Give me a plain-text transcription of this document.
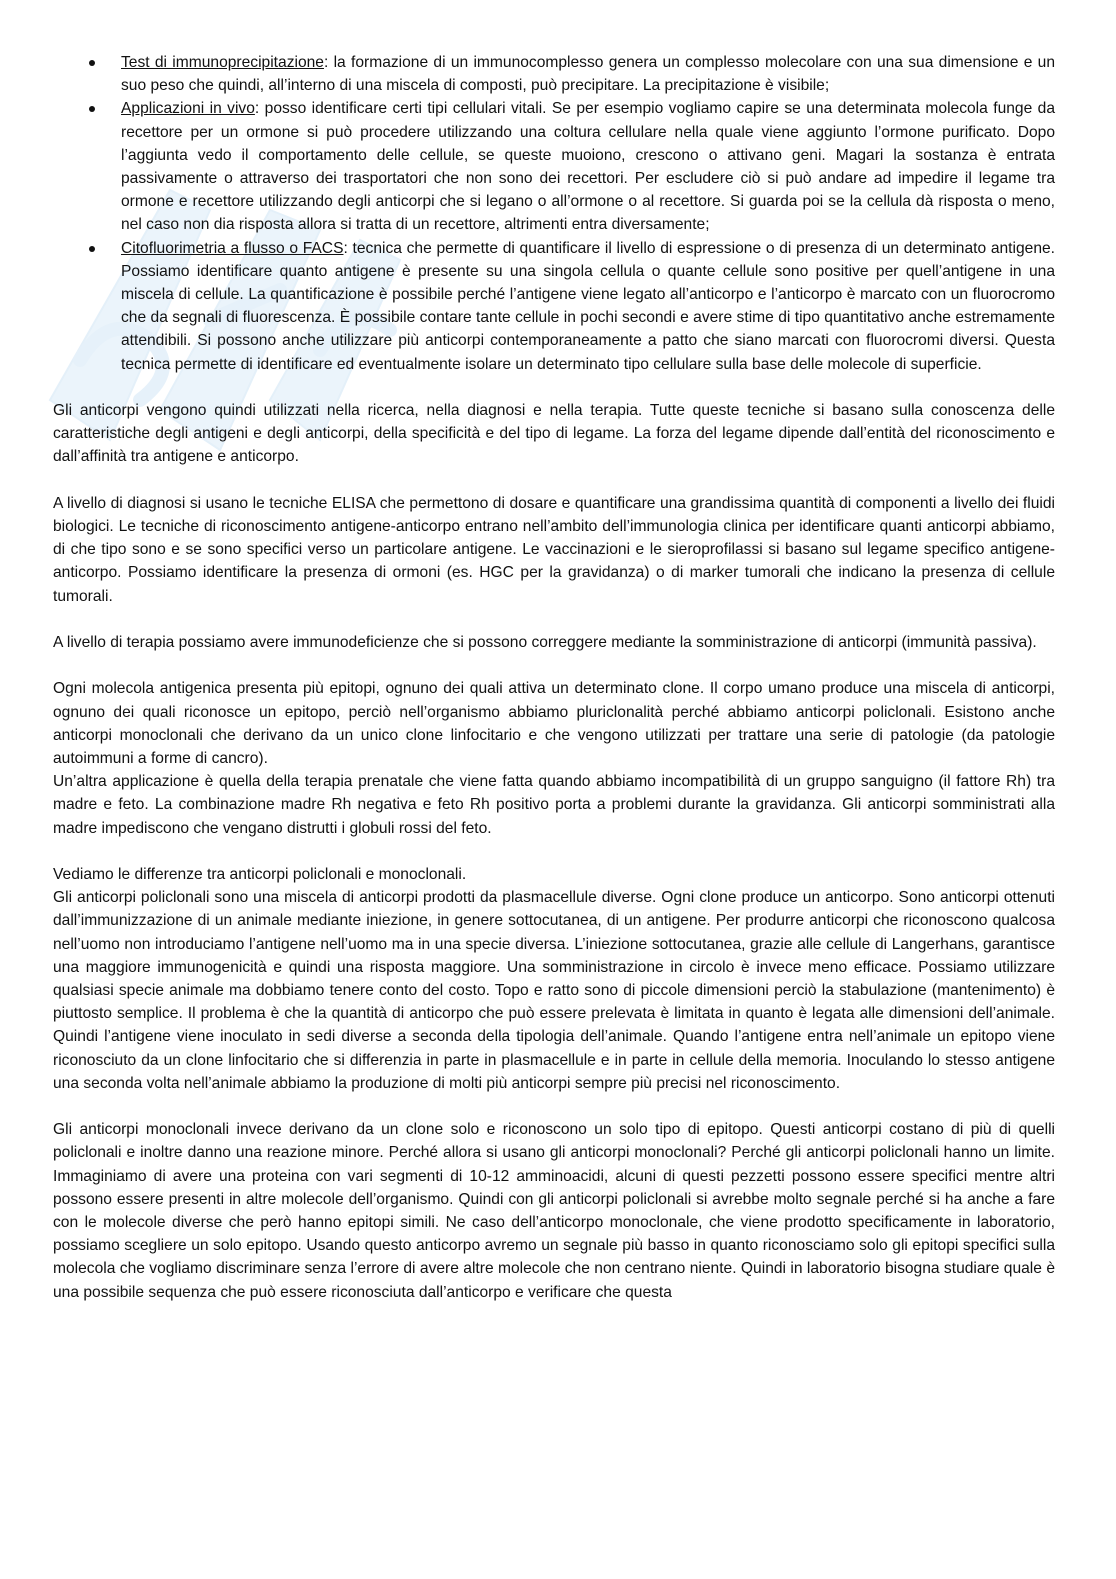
Test di immunoprecipitazione: la formazione di un immunocomplesso genera un complesso molecolare con una sua dimensione e un suo peso che quindi, all’interno di una miscela di composti, può precipitare. La precipitazione è visibile;
Applicazioni in vivo: posso identificare certi tipi cellulari vitali. Se per esempio vogliamo capire se una determinata molecola funge da recettore per un ormone si può procedere utilizzando una coltura cellulare nella quale viene aggiunto l’ormone purificato. Dopo l’aggiunta vedo il comportamento delle cellule, se queste muoiono, crescono o attivano geni. Magari la sostanza è entrata passivamente o attraverso dei trasportatori che non sono dei recettori. Per escludere ciò si può andare ad impedire il legame tra ormone e recettore utilizzando degli anticorpi che si legano o all’ormone o al recettore. Si guarda poi se la cellula dà risposta o meno, nel caso non dia risposta allora si tratta di un recettore, altrimenti entra diversamente;
Citofluorimetria a flusso o FACS: tecnica che permette di quantificare il livello di espressione o di presenza di un determinato antigene. Possiamo identificare quanto antigene è presente su una singola cellula o quante cellule sono positive per quell’antigene in una miscela di cellule. La quantificazione è possibile perché l’antigene viene legato all’anticorpo e l’anticorpo è marcato con un fluorocromo che da segnali di fluorescenza. È possibile contare tante cellule in pochi secondi e avere stime di tipo quantitativo anche estremamente attendibili. Si possono anche utilizzare più anticorpi contemporaneamente a patto che siano marcati con fluorocromi diversi. Questa tecnica permette di identificare ed eventualmente isolare un determinato tipo cellulare sulla base delle molecole di superficie.

Gli anticorpi vengono quindi utilizzati nella ricerca, nella diagnosi e nella terapia. Tutte queste tecniche si basano sulla conoscenza delle caratteristiche degli antigeni e degli anticorpi, della specificità e del tipo di legame. La forza del legame dipende dall’entità del riconoscimento e dall’affinità tra antigene e anticorpo.

A livello di diagnosi si usano le tecniche ELISA che permettono di dosare e quantificare una grandissima quantità di componenti a livello dei fluidi biologici. Le tecniche di riconoscimento antigene-anticorpo entrano nell’ambito dell’immunologia clinica per identificare quanti anticorpi abbiamo, di che tipo sono e se sono specifici verso un particolare antigene. Le vaccinazioni e le sieroprofilassi si basano sul legame specifico antigene-anticorpo. Possiamo identificare la presenza di ormoni (es. HGC per la gravidanza) o di marker tumorali che indicano la presenza di cellule tumorali.

A livello di terapia possiamo avere immunodeficienze che si possono correggere mediante la somministrazione di anticorpi (immunità passiva).

Ogni molecola antigenica presenta più epitopi, ognuno dei quali attiva un determinato clone. Il corpo umano produce una miscela di anticorpi, ognuno dei quali riconosce un epitopo, perciò nell’organismo abbiamo pluriclonalità perché abbiamo anticorpi policlonali. Esistono anche anticorpi monoclonali che derivano da un unico clone linfocitario e che vengono utilizzati per trattare una serie di patologie (da patologie autoimmuni a forme di cancro).

Un’altra applicazione è quella della terapia prenatale che viene fatta quando abbiamo incompatibilità di un gruppo sanguigno (il fattore Rh) tra madre e feto. La combinazione madre Rh negativa e feto Rh positivo porta a problemi durante la gravidanza. Gli anticorpi somministrati alla madre impediscono che vengano distrutti i globuli rossi del feto.

Vediamo le differenze tra anticorpi policlonali e monoclonali.

Gli anticorpi policlonali sono una miscela di anticorpi prodotti da plasmacellule diverse. Ogni clone produce un anticorpo. Sono anticorpi ottenuti dall’immunizzazione di un animale mediante iniezione, in genere sottocutanea, di un antigene. Per produrre anticorpi che riconoscono qualcosa nell’uomo non introduciamo l’antigene nell’uomo ma in una specie diversa. L’iniezione sottocutanea, grazie alle cellule di Langerhans, garantisce una maggiore immunogenicità e quindi una risposta maggiore. Una somministrazione in circolo è invece meno efficace. Possiamo utilizzare qualsiasi specie animale ma dobbiamo tenere conto del costo. Topo e ratto sono di piccole dimensioni perciò la stabulazione (mantenimento) è piuttosto semplice. Il problema è che la quantità di anticorpo che può essere prelevata è limitata in quanto è legata alle dimensioni dell’animale. Quindi l’antigene viene inoculato in sedi diverse a seconda della tipologia dell’animale. Quando l’antigene entra nell’animale un epitopo viene riconosciuto da un clone linfocitario che si differenzia in parte in plasmacellule e in parte in cellule della memoria. Inoculando lo stesso antigene una seconda volta nell’animale abbiamo la produzione di molti più anticorpi sempre più precisi nel riconoscimento.

Gli anticorpi monoclonali invece derivano da un clone solo e riconoscono un solo tipo di epitopo. Questi anticorpi costano di più di quelli policlonali e inoltre danno una reazione minore. Perché allora si usano gli anticorpi monoclonali? Perché gli anticorpi policlonali hanno un limite. Immaginiamo di avere una proteina con vari segmenti di 10-12 amminoacidi, alcuni di questi pezzetti possono essere specifici mentre altri possono essere presenti in altre molecole dell’organismo. Quindi con gli anticorpi policlonali si avrebbe molto segnale perché si ha anche a fare con le molecole diverse che però hanno epitopi simili. Ne caso dell’anticorpo monoclonale, che viene prodotto specificamente in laboratorio, possiamo scegliere un solo epitopo. Usando questo anticorpo avremo un segnale più basso in quanto riconosciamo solo gli epitopi specifici sulla molecola che vogliamo discriminare senza l’errore di avere altre molecole che non centrano niente. Quindi in laboratorio bisogna studiare quale è una possibile sequenza che può essere riconosciuta dall’anticorpo e verificare che questa
